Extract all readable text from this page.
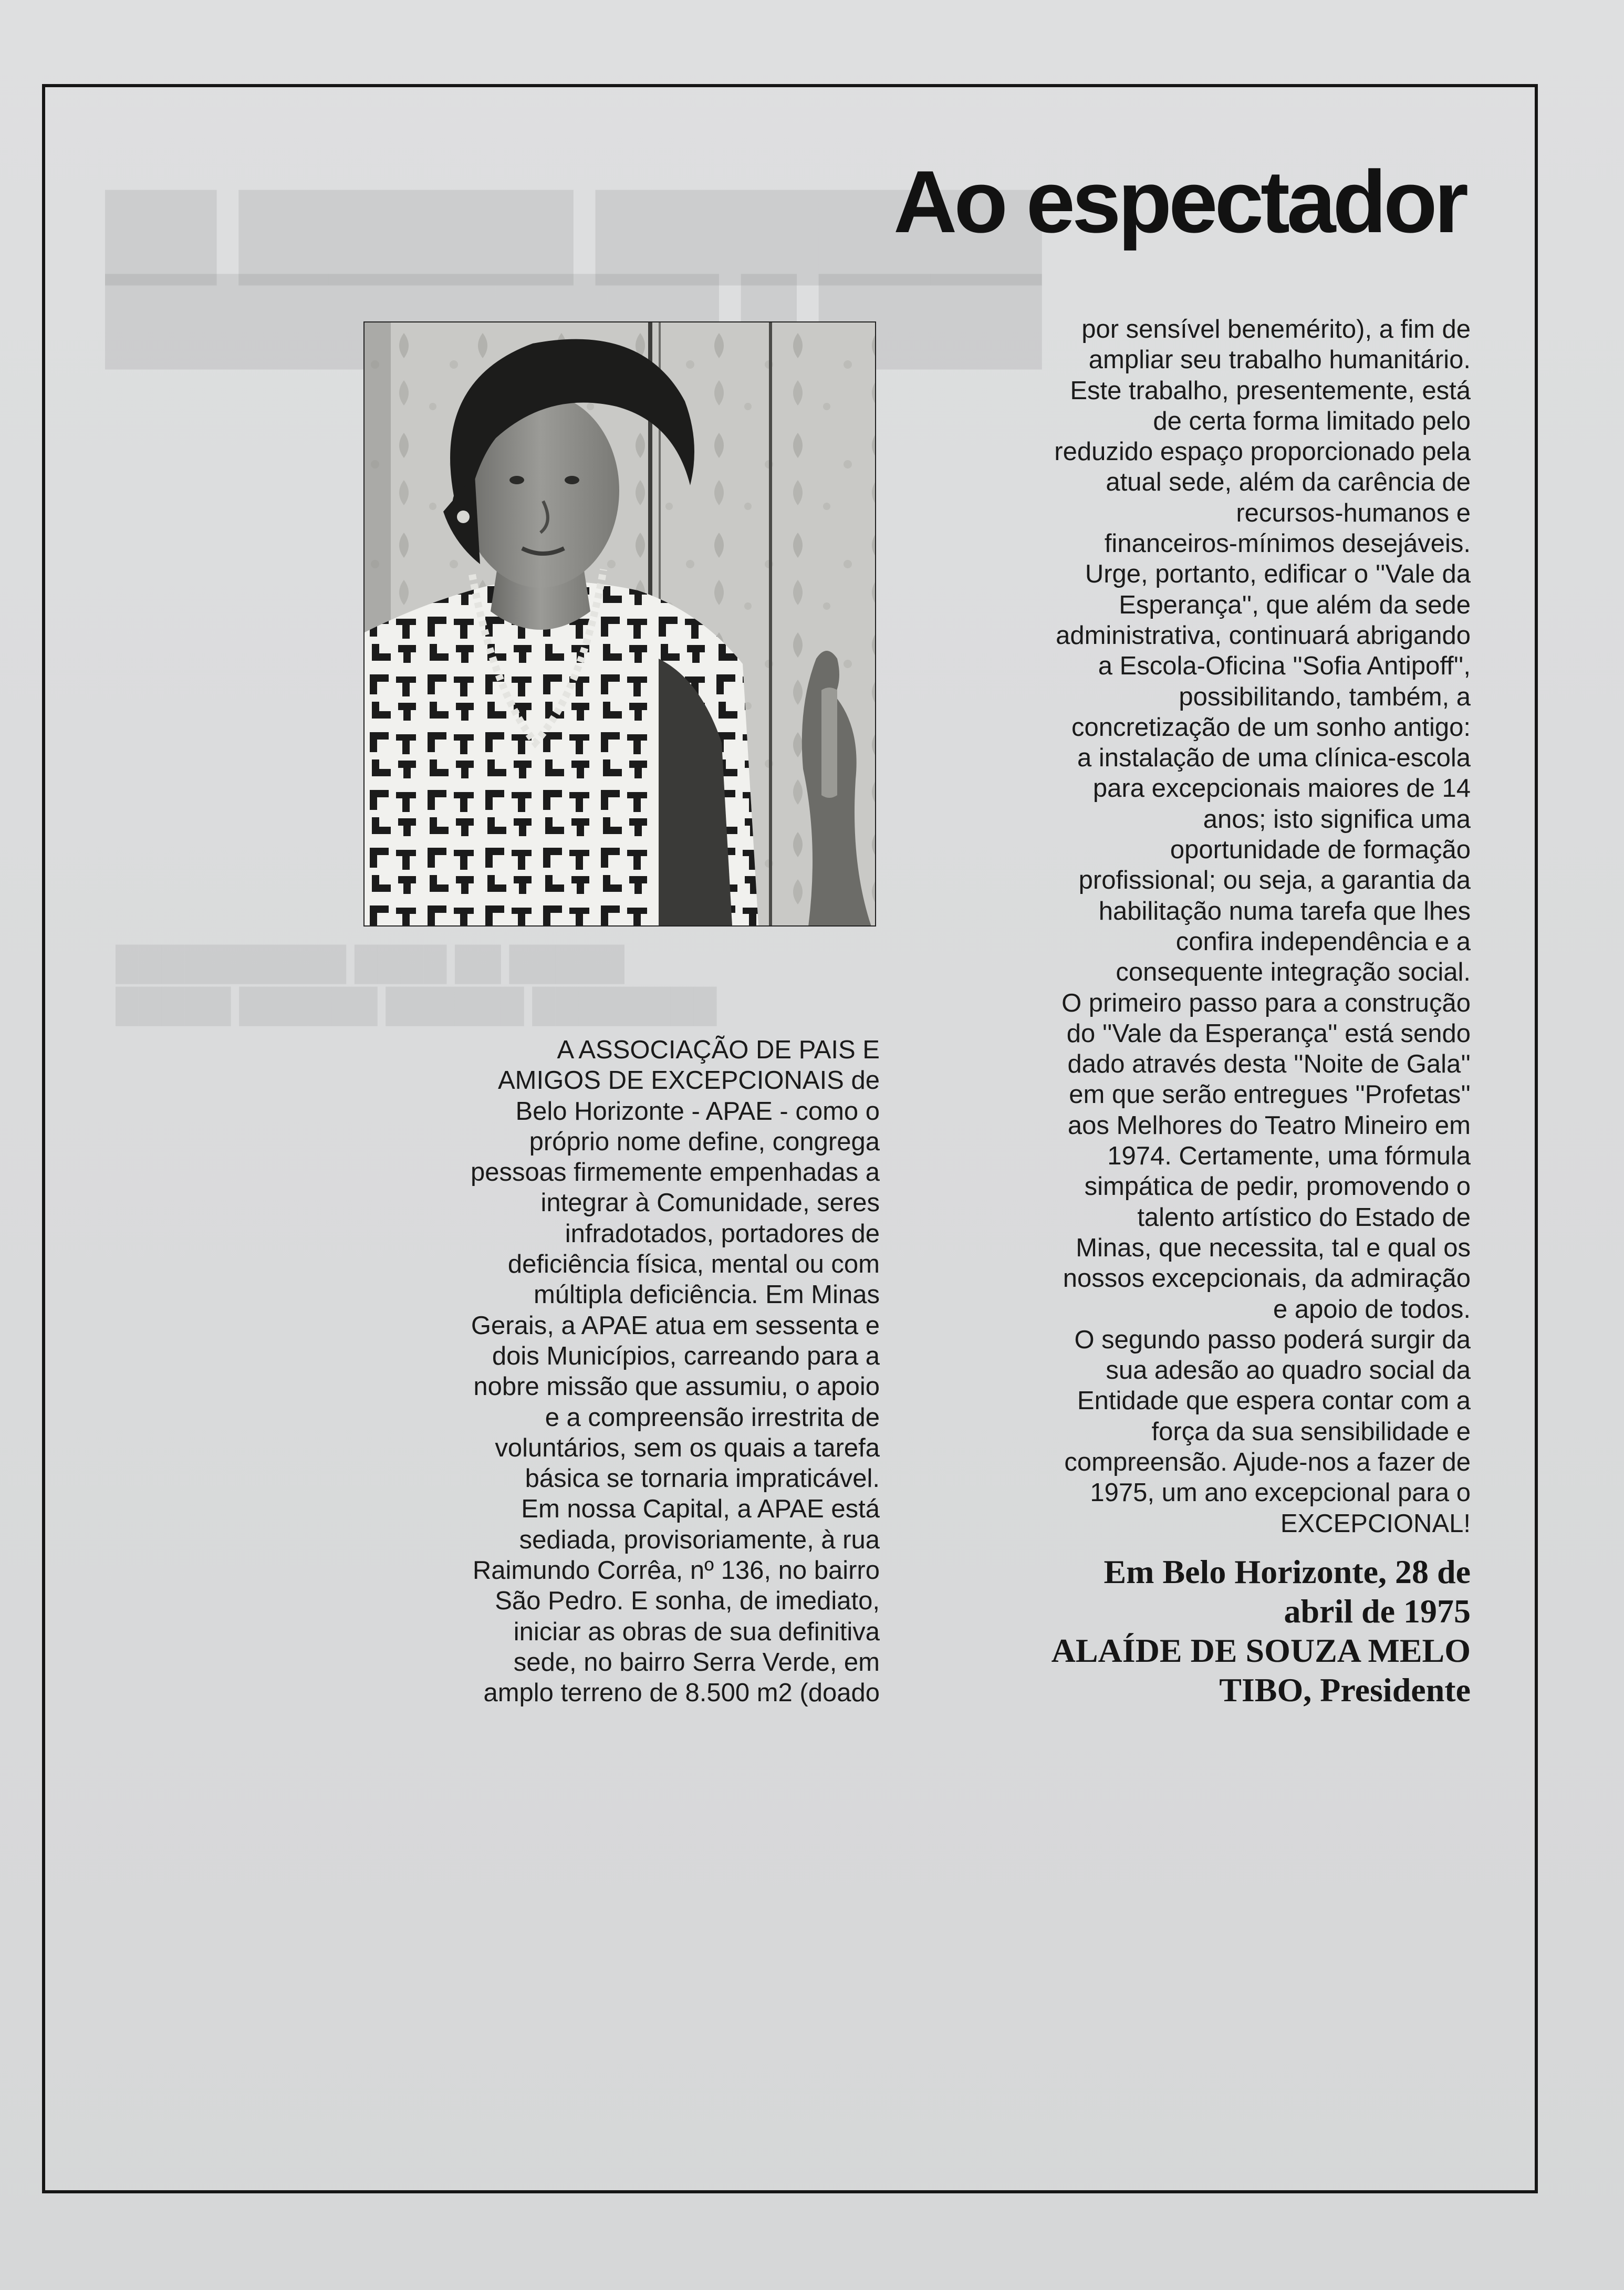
Ao espectador

A ASSOCIAÇÃO DE PAIS E
AMIGOS DE EXCEPCIONAIS de
Belo Horizonte - APAE - como o
próprio nome define, congrega
pessoas firmemente empenhadas a
integrar à Comunidade, seres
infradotados, portadores de
deficiência física, mental ou com
múltipla deficiência. Em Minas
Gerais, a APAE atua em sessenta e
dois Municípios, carreando para a
nobre missão que assumiu, o apoio
e a compreensão irrestrita de
voluntários, sem os quais a tarefa
básica se tornaria impraticável.
Em nossa Capital, a APAE está
sediada, provisoriamente, à rua
Raimundo Corrêa, nº 136, no bairro
São Pedro. E sonha, de imediato,
iniciar as obras de sua definitiva
sede, no bairro Serra Verde, em
amplo terreno de 8.500 m2 (doado

por sensível benemérito), a fim de
ampliar seu trabalho humanitário.
Este trabalho, presentemente, está
de certa forma limitado pelo
reduzido espaço proporcionado pela
atual sede, além da carência de
recursos-humanos e
financeiros-mínimos desejáveis.
Urge, portanto, edificar o ''Vale da
Esperança'', que além da sede
administrativa, continuará abrigando
a Escola-Oficina ''Sofia Antipoff'',
possibilitando, também, a
concretização de um sonho antigo:
a instalação de uma clínica-escola
para excepcionais maiores de 14
anos; isto significa uma
oportunidade de formação
profissional; ou seja, a garantia da
habilitação numa tarefa que lhes
confira independência e a
consequente integração social.
O primeiro passo para a construção
do ''Vale da Esperança'' está sendo
dado através desta ''Noite de Gala''
em que serão entregues ''Profetas''
aos Melhores do Teatro Mineiro em
1974. Certamente, uma fórmula
simpática de pedir, promovendo o
talento artístico do Estado de
Minas, que necessita, tal e qual os
nossos excepcionais, da admiração
e apoio de todos.
O segundo passo poderá surgir da
sua adesão ao quadro social da
Entidade que espera contar com a
força da sua sensibilidade e
compreensão. Ajude-nos a fazer de
1975, um ano excepcional para o
EXCEPCIONAL!

Em Belo Horizonte, 28 de
abril de 1975
ALAÍDE DE SOUZA MELO
TIBO, Presidente
